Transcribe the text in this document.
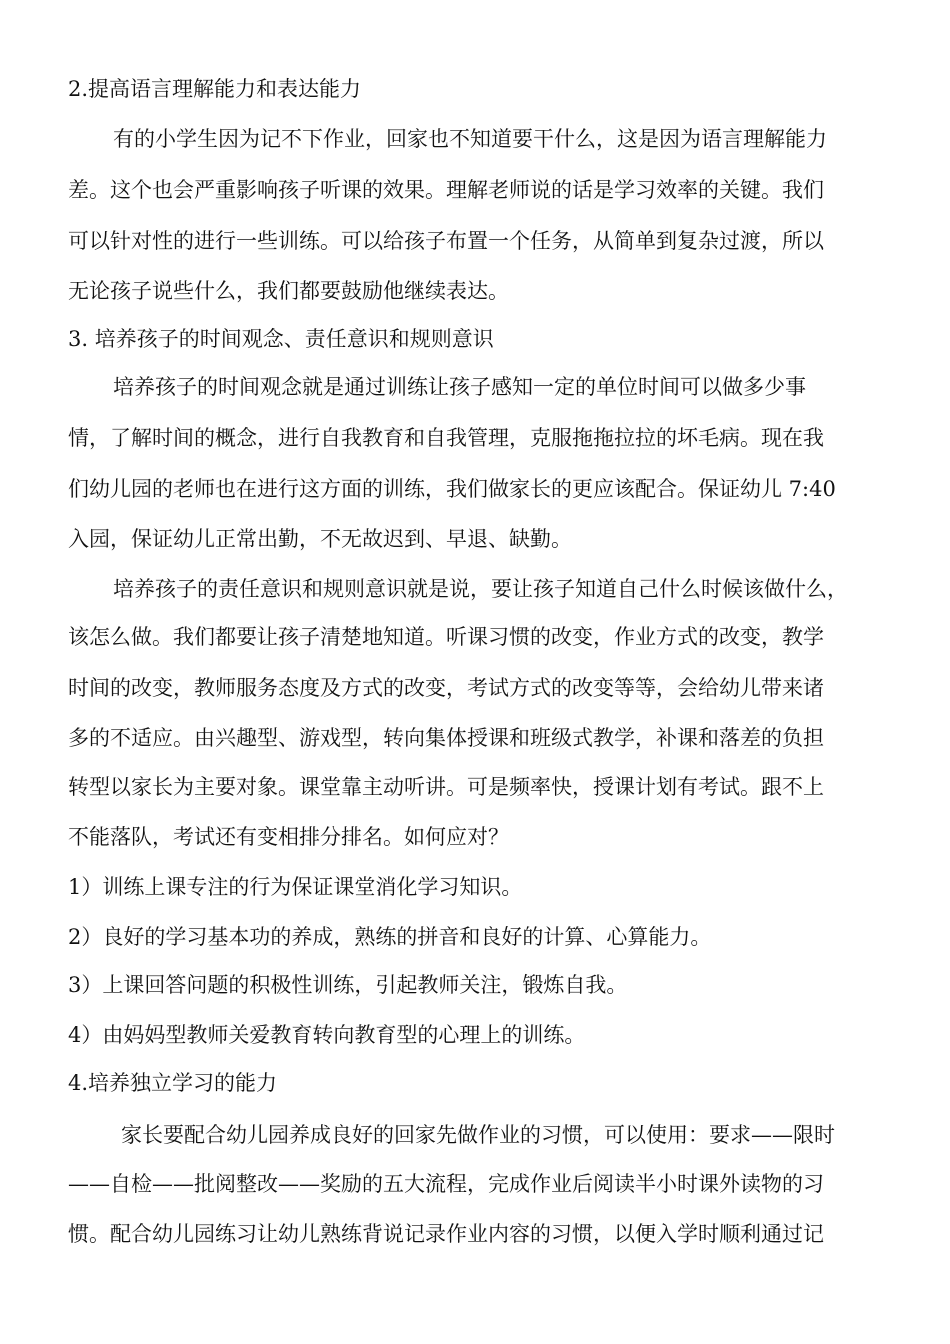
2.提高语言理解能力和表达能力
有的小学生因为记不下作业，回家也不知道要干什么，这是因为语言理解能力
差。这个也会严重影响孩子听课的效果。理解老师说的话是学习效率的关键。我们
可以针对性的进行一些训练。可以给孩子布置一个任务，从简单到复杂过渡，所以
无论孩子说些什么，我们都要鼓励他继续表达。
3. 培养孩子的时间观念、责任意识和规则意识
培养孩子的时间观念就是通过训练让孩子感知一定的单位时间可以做多少事
情，了解时间的概念，进行自我教育和自我管理，克服拖拖拉拉的坏毛病。现在我
们幼儿园的老师也在进行这方面的训练，我们做家长的更应该配合。保证幼儿 7:40
入园，保证幼儿正常出勤，不无故迟到、早退、缺勤。
培养孩子的责任意识和规则意识就是说，要让孩子知道自己什么时候该做什么，
该怎么做。我们都要让孩子清楚地知道。听课习惯的改变，作业方式的改变，教学
时间的改变，教师服务态度及方式的改变，考试方式的改变等等，会给幼儿带来诸
多的不适应。由兴趣型、游戏型，转向集体授课和班级式教学，补课和落差的负担
转型以家长为主要对象。课堂靠主动听讲。可是频率快，授课计划有考试。跟不上
不能落队，考试还有变相排分排名。如何应对？
1）训练上课专注的行为保证课堂消化学习知识。
2）良好的学习基本功的养成，熟练的拼音和良好的计算、心算能力。
3）上课回答问题的积极性训练，引起教师关注，锻炼自我。
4）由妈妈型教师关爱教育转向教育型的心理上的训练。
4.培养独立学习的能力
家长要配合幼儿园养成良好的回家先做作业的习惯，可以使用：要求——限时
——自检——批阅整改——奖励的五大流程，完成作业后阅读半小时课外读物的习
惯。配合幼儿园练习让幼儿熟练背说记录作业内容的习惯，以便入学时顺利通过记
